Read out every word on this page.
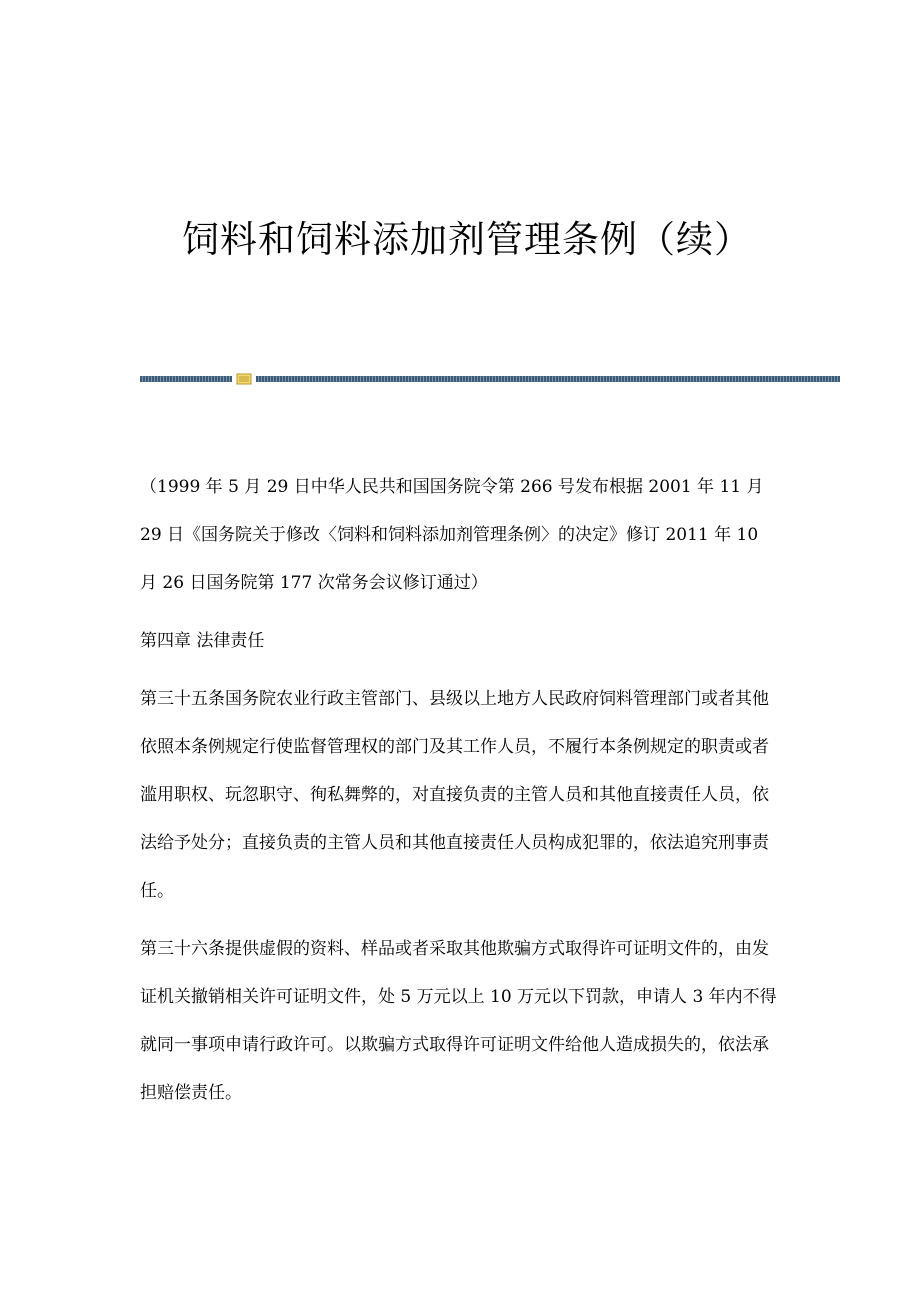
饲料和饲料添加剂管理条例（续）

（1999 年 5 月 29 日中华人民共和国国务院令第 266 号发布根据 2001 年 11 月 29 日《国务院关于修改〈饲料和饲料添加剂管理条例〉的决定》修订 2011 年 10 月 26 日国务院第 177 次常务会议修订通过）

第四章 法律责任

第三十五条国务院农业行政主管部门、县级以上地方人民政府饲料管理部门或者其他依照本条例规定行使监督管理权的部门及其工作人员，不履行本条例规定的职责或者滥用职权、玩忽职守、徇私舞弊的，对直接负责的主管人员和其他直接责任人员，依法给予处分；直接负责的主管人员和其他直接责任人员构成犯罪的，依法追究刑事责任。

第三十六条提供虚假的资料、样品或者采取其他欺骗方式取得许可证明文件的，由发证机关撤销相关许可证明文件，处 5 万元以上 10 万元以下罚款，申请人 3 年内不得就同一事项申请行政许可。以欺骗方式取得许可证明文件给他人造成损失的，依法承担赔偿责任。
